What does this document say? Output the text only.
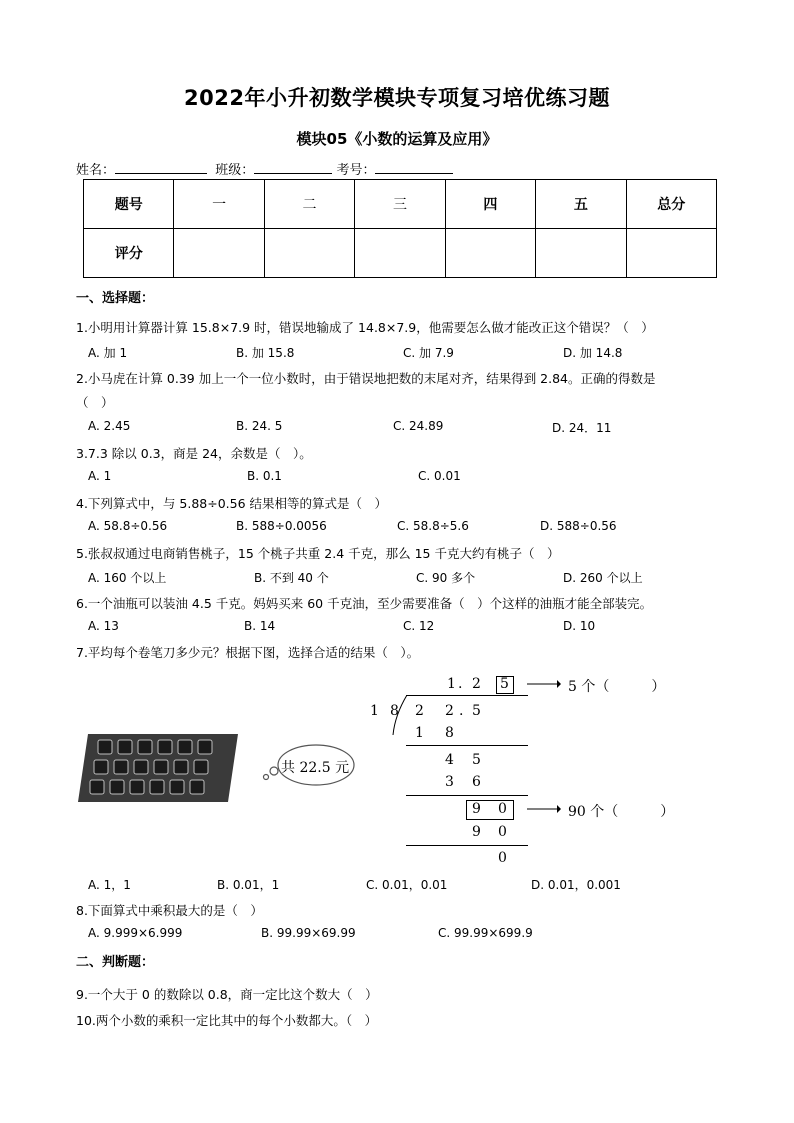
2022年小升初数学模块专项复习培优练习题
模块05《小数的运算及应用》
姓名：	班级：	考号：
题号	一	二	三	四	五	总分
评分						
一、选择题：
1.小明用计算器计算 15.8×7.9 时，错误地输成了 14.8×7.9，他需要怎么做才能改正这个错误？（　）
A. 加 1	B. 加 15.8	C. 加 7.9	D. 加 14.8
2.小马虎在计算 0.39 加上一个一位小数时，由于错误地把数的末尾对齐，结果得到 2.84。正确的得数是
（　）
A. 2.45	B. 24. 5	C. 24.89	D. 24．11
3.7.3 除以 0.3，商是 24，余数是（　）。
A. 1	B. 0.1	C. 0.01
4.下列算式中，与 5.88÷0.56 结果相等的算式是（　）
A. 58.8÷0.56	B. 588÷0.0056	C. 58.8÷5.6	D. 588÷0.56
5.张叔叔通过电商销售桃子，15 个桃子共重 2.4 千克，那么 15 千克大约有桃子（　）
A. 160 个以上	B. 不到 40 个	C. 90 多个	D. 260 个以上
6.一个油瓶可以装油 4.5 千克。妈妈买来 60 千克油，至少需要准备（　）个这样的油瓶才能全部装完。
A. 13	B. 14	C. 12	D. 10
7.平均每个卷笔刀多少元？根据下图，选择合适的结果（　）。
共 22.5 元
1 . 2 5	5 个（　　　）
1 8 2 2 . 5
1 8
4 5
3 6
9 0	90 个（　　　）
9 0
0
A. 1，1	B. 0.01，1	C. 0.01，0.01	D. 0.01，0.001
8.下面算式中乘积最大的是（　）
A. 9.999×6.999	B. 99.99×69.99	C. 99.99×699.9
二、判断题：
9.一个大于 0 的数除以 0.8，商一定比这个数大（　）
10.两个小数的乘积一定比其中的每个小数都大。（　）
